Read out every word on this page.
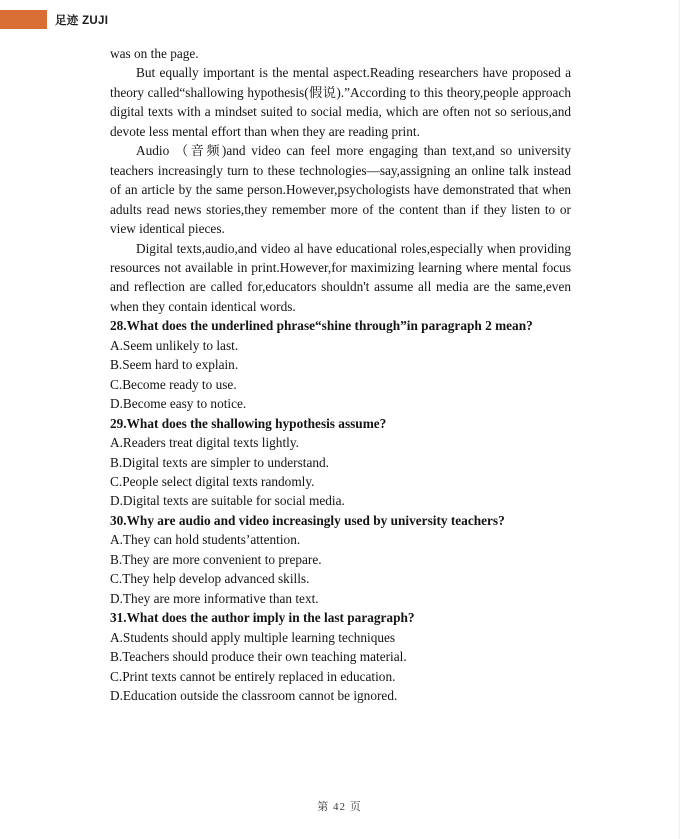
足迹 ZUJI

was on the page.

But equally important is the mental aspect.Reading researchers have proposed a theory called“shallowing hypothesis(假说).”According to this theory,people approach digital texts with a mindset suited to social media, which are often not so serious,and devote less mental effort than when they are reading print.

Audio （音频)and video can feel more engaging than text,and so university teachers increasingly turn to these technologies—say,assigning an online talk instead of an article by the same person.However,psychologists have demonstrated that when adults read news stories,they remember more of the content than if they listen to or view identical pieces.

Digital texts,audio,and video al have educational roles,especially when providing resources not available in print.However,for maximizing learning where mental focus and reflection are called for,educators shouldn't assume all media are the same,even when they contain identical words.

28.What does the underlined phrase“shine through”in paragraph 2 mean?
A.Seem unlikely to last.
B.Seem hard to explain.
C.Become ready to use.
D.Become easy to notice.
29.What does the shallowing hypothesis assume?
A.Readers treat digital texts lightly.
B.Digital texts are simpler to understand.
C.People select digital texts randomly.
D.Digital texts are suitable for social media.
30.Why are audio and video increasingly used by university teachers?
A.They can hold students’attention.
B.They are more convenient to prepare.
C.They help develop advanced skills.
D.They are more informative than text.
31.What does the author imply in the last paragraph?
A.Students should apply multiple learning techniques
B.Teachers should produce their own teaching material.
C.Print texts cannot be entirely replaced in education.
D.Education outside the classroom cannot be ignored.
第 42 页
